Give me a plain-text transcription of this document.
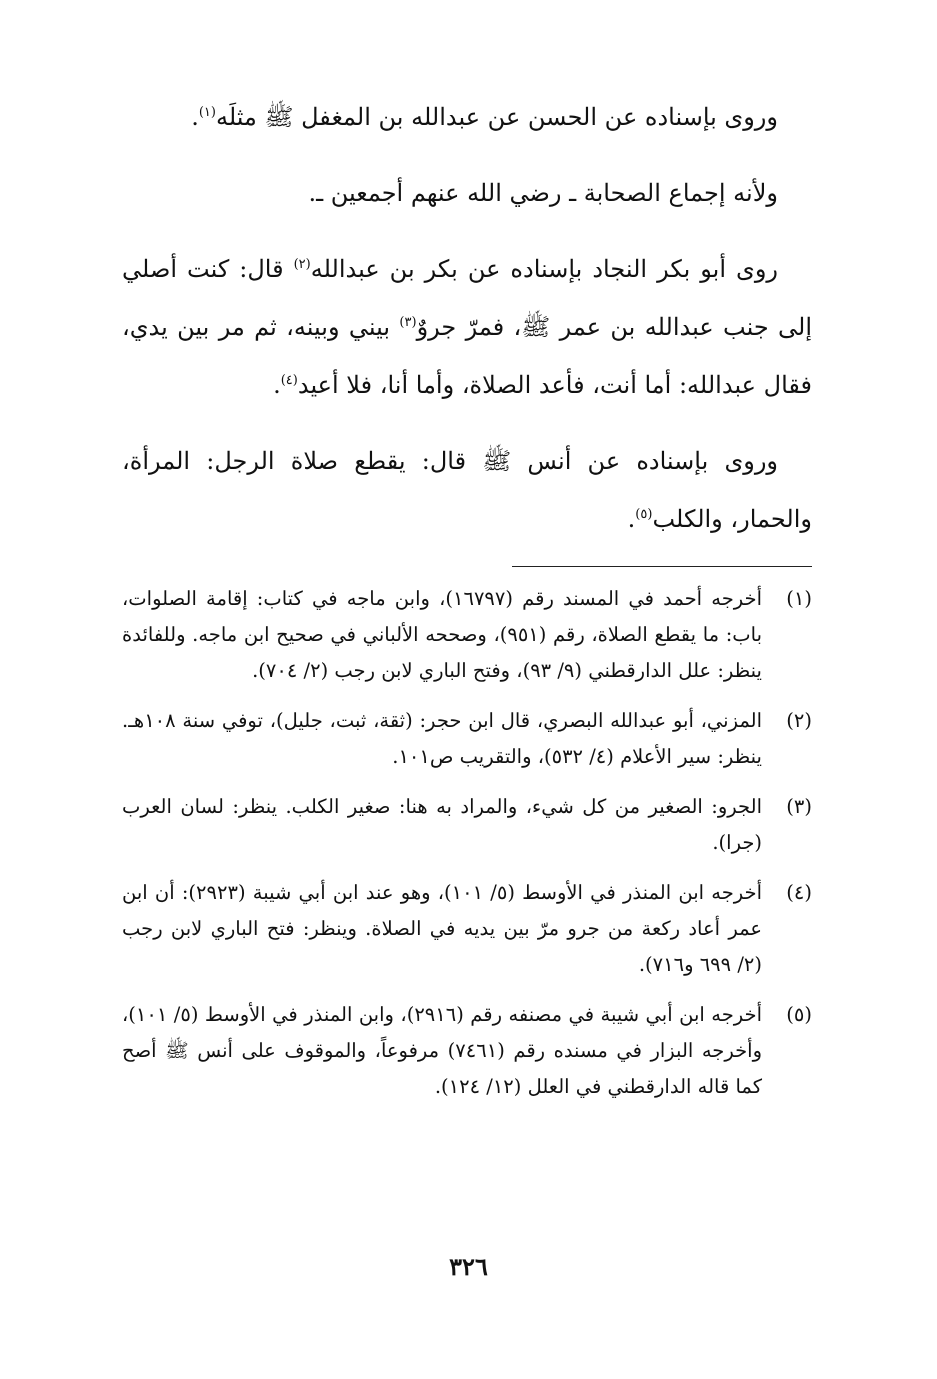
وروى بإسناده عن الحسن عن عبدالله بن المغفل ﷺ مثلَه$^{(١)}$.

ولأنه إجماع الصحابة ـ رضي الله عنهم أجمعين ـ.

روى أبو بكر النجاد بإسناده عن بكر بن عبدالله$^{(٢)}$ قال: كنت أصلي إلى جنب عبدالله بن عمر ﷺ، فمرّ جروٌ$^{(٣)}$ بيني وبينه، ثم مر بين يدي، فقال عبدالله: أما أنت، فأعد الصلاة، وأما أنا، فلا أعيد$^{(٤)}$.

وروى بإسناده عن أنس ﷺ قال: يقطع صلاة الرجل: المرأة، والحمار، والكلب$^{(٥)}$.

(١)
أخرجه أحمد في المسند رقم (١٦٧٩٧)، وابن ماجه في كتاب: إقامة الصلوات، باب: ما يقطع الصلاة، رقم (٩٥١)، وصححه الألباني في صحيح ابن ماجه. وللفائدة ينظر: علل الدارقطني (٩/ ٩٣)، وفتح الباري لابن رجب (٢/ ٧٠٤).
(٢)
المزني، أبو عبدالله البصري، قال ابن حجر: (ثقة، ثبت، جليل)، توفي سنة ١٠٨هـ. ينظر: سير الأعلام (٤/ ٥٣٢)، والتقريب ص١٠١.
(٣)
الجرو: الصغير من كل شيء، والمراد به هنا: صغير الكلب. ينظر: لسان العرب (جرا).
(٤)
أخرجه ابن المنذر في الأوسط (٥/ ١٠١)، وهو عند ابن أبي شيبة (٢٩٢٣): أن ابن عمر أعاد ركعة من جرو مرّ بين يديه في الصلاة. وينظر: فتح الباري لابن رجب (٢/ ٦٩٩ و٧١٦).
(٥)
أخرجه ابن أبي شيبة في مصنفه رقم (٢٩١٦)، وابن المنذر في الأوسط (٥/ ١٠١)، وأخرجه البزار في مسنده رقم (٧٤٦١) مرفوعاً، والموقوف على أنس ﷺ أصح كما قاله الدارقطني في العلل (١٢/ ١٢٤).
٣٢٦
